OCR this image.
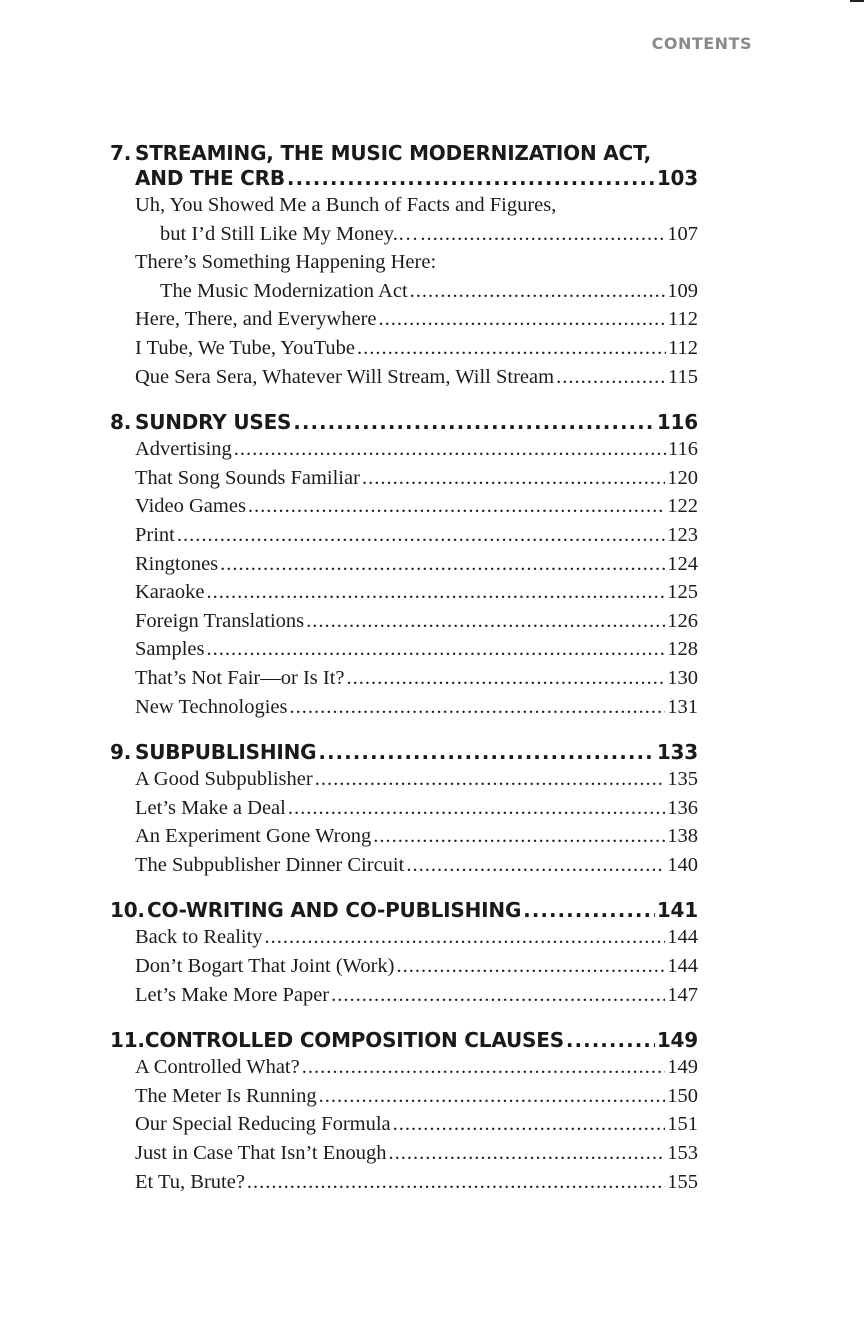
CONTENTS
7. STREAMING, THE MUSIC MODERNIZATION ACT,
AND THE CRB .....	103
Uh, You Showed Me a Bunch of Facts and Figures,
but I’d Still Like My Money.… .....	107
There’s Something Happening Here:
The Music Modernization Act .....	109
Here, There, and Everywhere .....	112
I Tube, We Tube, YouTube .....	112
Que Sera Sera, Whatever Will Stream, Will Stream .....	115
8. SUNDRY USES .....	116
Advertising .....	116
That Song Sounds Familiar .....	120
Video Games .....	122
Print .....	123
Ringtones .....	124
Karaoke .....	125
Foreign Translations .....	126
Samples .....	128
That’s Not Fair—or Is It? .....	130
New Technologies .....	131
9. SUBPUBLISHING .....	133
A Good Subpublisher .....	135
Let’s Make a Deal .....	136
An Experiment Gone Wrong .....	138
The Subpublisher Dinner Circuit .....	140
10. CO-WRITING AND CO-PUBLISHING .....	141
Back to Reality .....	144
Don’t Bogart That Joint (Work) .....	144
Let’s Make More Paper .....	147
11.CONTROLLED COMPOSITION CLAUSES .....	149
A Controlled What? .....	149
The Meter Is Running .....	150
Our Special Reducing Formula .....	151
Just in Case That Isn’t Enough .....	153
Et Tu, Brute? .....	155
